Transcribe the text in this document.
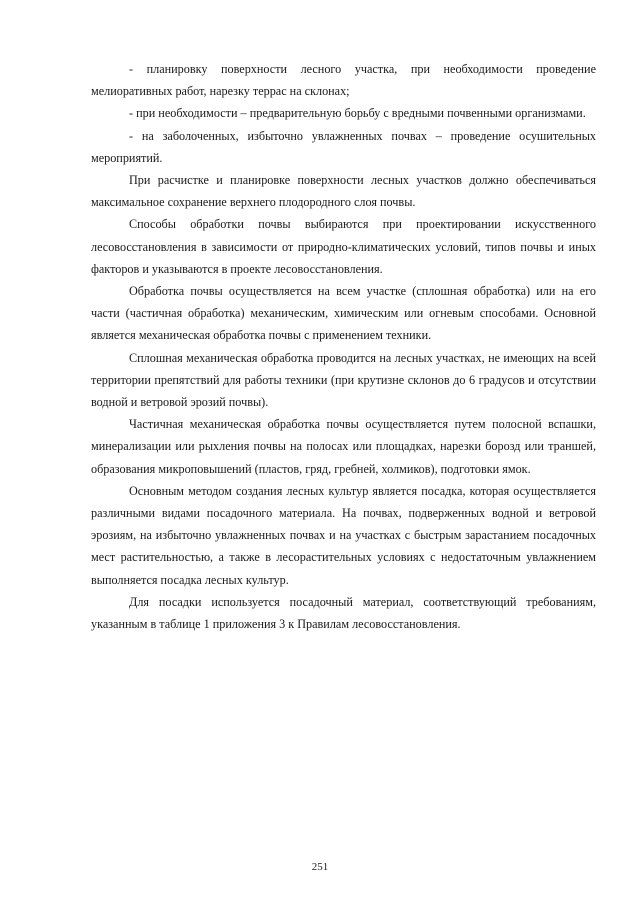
- планировку поверхности лесного участка, при необходимости проведение мелиоративных работ, нарезку террас на склонах;

- при необходимости – предварительную борьбу с вредными почвенными организмами.

- на заболоченных, избыточно увлажненных почвах – проведение осушительных мероприятий.

При расчистке и планировке поверхности лесных участков должно обеспечиваться максимальное сохранение верхнего плодородного слоя почвы.

Способы обработки почвы выбираются при проектировании искусственного лесовосстановления в зависимости от природно-климатических условий, типов почвы и иных факторов и указываются в проекте лесовосстановления.

Обработка почвы осуществляется на всем участке (сплошная обработка) или на его части (частичная обработка) механическим, химическим или огневым способами. Основной является механическая обработка почвы с применением техники.

Сплошная механическая обработка проводится на лесных участках, не имеющих на всей территории препятствий для работы техники (при крутизне склонов до 6 градусов и отсутствии водной и ветровой эрозий почвы).

Частичная механическая обработка почвы осуществляется путем полосной вспашки, минерализации или рыхления почвы на полосах или площадках, нарезки борозд или траншей, образования микроповышений (пластов, гряд, гребней, холмиков), подготовки ямок.

Основным методом создания лесных культур является посадка, которая осуществляется различными видами посадочного материала. На почвах, подверженных водной и ветровой эрозиям, на избыточно увлажненных почвах и на участках с быстрым зарастанием посадочных мест растительностью, а также в лесорастительных условиях с недостаточным увлажнением выполняется посадка лесных культур.

Для посадки используется посадочный материал, соответствующий требованиям, указанным в таблице 1 приложения 3 к Правилам лесовосстановления.

251
